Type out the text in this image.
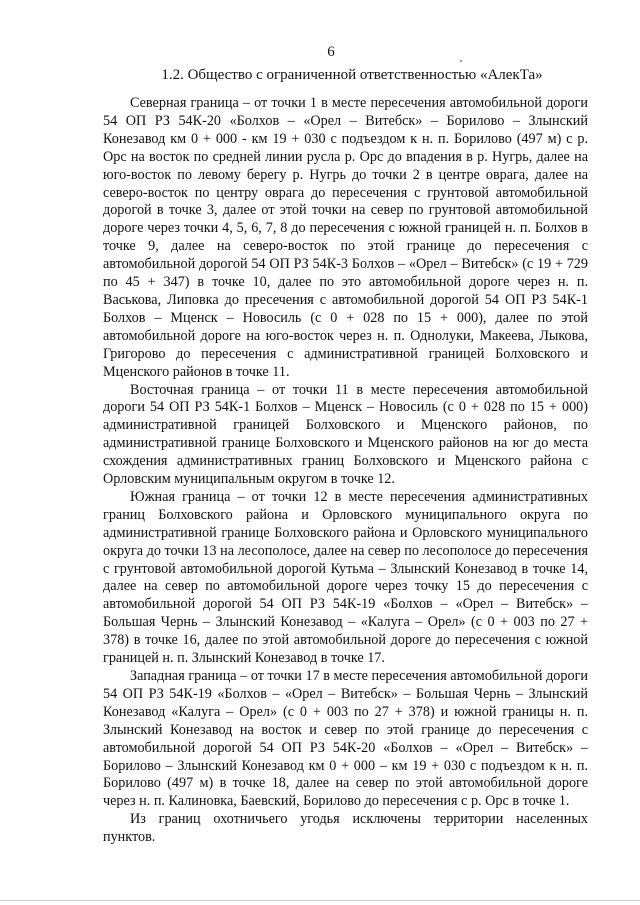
6
1.2. Общество с ограниченной ответственностью «АлекТа»

Северная граница – от точки 1 в месте пересечения автомобильной дороги 54 ОП РЗ 54К-20 «Болхов – «Орел – Витебск» – Борилово – Злынский Конезавод км 0 + 000 - км 19 + 030 с подъездом к н. п. Борилово (497 м) с р. Орс на восток по средней линии русла р. Орс до впадения в р. Нугрь, далее на юго-восток по левому берегу р. Нугрь до точки 2 в центре оврага, далее на северо-восток по центру оврага до пересечения с грунтовой автомобильной дорогой в точке 3, далее от этой точки на север по грунтовой автомобильной дороге через точки 4, 5, 6, 7, 8 до пересечения с южной границей н. п. Болхов в точке 9, далее на северо-восток по этой границе до пересечения с автомобильной дорогой 54 ОП РЗ 54К-3 Болхов – «Орел – Витебск» (с 19 + 729 по 45 + 347) в точке 10, далее по это автомобильной дороге через н. п. Васькова, Липовка до пресечения с автомобильной дорогой 54 ОП РЗ 54К-1 Болхов – Мценск – Новосиль (с 0 + 028 по 15 + 000), далее по этой автомобильной дороге на юго-восток через н. п. Однолуки, Макеева, Лыкова, Григорово до пересечения с административной границей Болховского и Мценского районов в точке 11.

Восточная граница – от точки 11 в месте пересечения автомобильной дороги 54 ОП РЗ 54К-1 Болхов – Мценск – Новосиль (с 0 + 028 по 15 + 000) административной границей Болховского и Мценского районов, по административной границе Болховского и Мценского районов на юг до места схождения административных границ Болховского и Мценского района с Орловским муниципальным округом в точке 12.

Южная граница – от точки 12 в месте пересечения административных границ Болховского района и Орловского муниципального округа по административной границе Болховского района и Орловского муниципального округа до точки 13 на лесополосе, далее на север по лесополосе до пересечения с грунтовой автомобильной дорогой Кутьма – Злынский Конезавод в точке 14, далее на север по автомобильной дороге через точку 15 до пересечения с автомобильной дорогой 54 ОП РЗ 54К-19 «Болхов – «Орел – Витебск» – Большая Чернь – Злынский Конезавод – «Калуга – Орел» (с 0 + 003 по 27 + 378) в точке 16, далее по этой автомобильной дороге до пересечения с южной границей н. п. Злынский Конезавод в точке 17.

Западная граница – от точки 17 в месте пересечения автомобильной дороги 54 ОП РЗ 54К-19 «Болхов – «Орел – Витебск» – Большая Чернь – Злынский Конезавод «Калуга – Орел» (с 0 + 003 по 27 + 378) и южной границы н. п. Злынский Конезавод на восток и север по этой границе до пересечения с автомобильной дорогой 54 ОП РЗ 54К-20 «Болхов – «Орел – Витебск» – Борилово – Злынский Конезавод км 0 + 000 – км 19 + 030 с подъездом к н. п. Борилово (497 м) в точке 18, далее на север по этой автомобильной дороге через н. п. Калиновка, Баевский, Борилово до пересечения с р. Орс в точке 1.

Из границ охотничьего угодья исключены территории населенных пунктов.
